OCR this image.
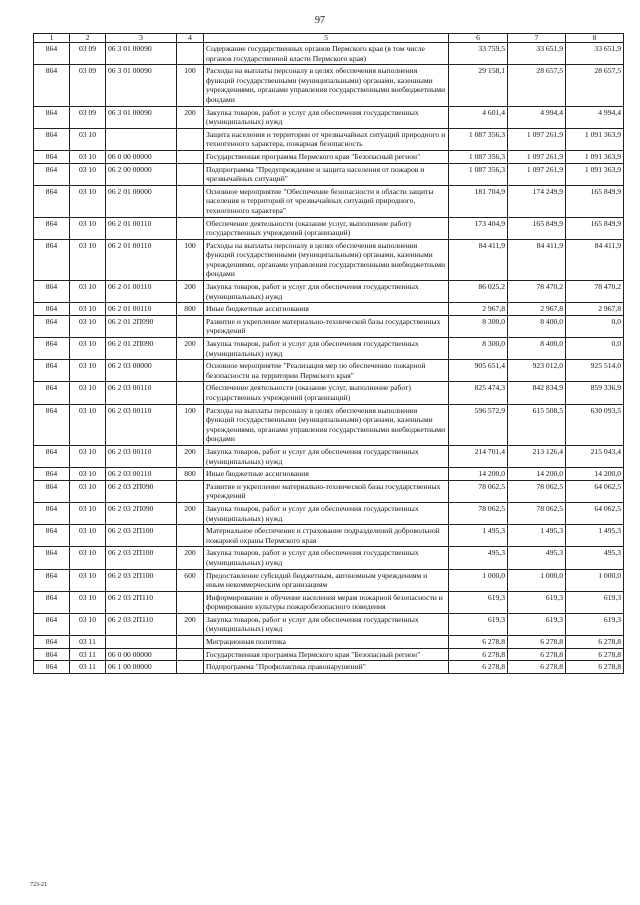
97
1	2	3	4	5	6	7	8
864	03 09	06 3 01 00090		Содержание государственных органов Пермского края (в том числе органов государственной власти Пермского края)	33 759,5	33 651,9	33 651,9
864	03 09	06 3 01 00090	100	Расходы на выплаты персоналу в целях обеспечения выполнения функций государственными (муниципальными) органами, казенными учреждениями, органами управления государственными внебюджетными фондами	29 158,1	28 657,5	28 657,5
864	03 09	06 3 01 00090	200	Закупка товаров, работ и услуг для обеспечения государственных (муниципальных) нужд	4 601,4	4 994,4	4 994,4
864	03 10			Защита населения и территории от чрезвычайных ситуаций природного и техногенного характера, пожарная безопасность	1 087 356,3	1 097 261,9	1 091 363,9
864	03 10	06 0 00 00000		Государственная программа Пермского края "Безопасный регион"	1 087 356,3	1 097 261,9	1 091 363,9
864	03 10	06 2 00 00000		Подпрограмма "Предупреждение и защита населения от пожаров и чрезвычайных ситуаций"	1 087 356,3	1 097 261,9	1 091 363,9
864	03 10	06 2 01 00000		Основное мероприятие "Обеспечение безопасности в области защиты населения и территорий от чрезвычайных ситуаций природного, техногенного характера"	181 704,9	174 249,9	165 849,9
864	03 10	06 2 01 00110		Обеспечение деятельности (оказание услуг, выполнение работ) государственных учреждений (организаций)	173 404,9	165 849,9	165 849,9
864	03 10	06 2 01 00110	100	Расходы на выплаты персоналу в целях обеспечения выполнения функций государственными (муниципальными) органами, казенными учреждениями, органами управления государственными внебюджетными фондами	84 411,9	84 411,9	84 411,9
864	03 10	06 2 01 00110	200	Закупка товаров, работ и услуг для обеспечения государственных (муниципальных) нужд	86 025,2	78 470,2	78 470,2
864	03 10	06 2 01 00110	800	Иные бюджетные ассигнования	2 967,8	2 967,8	2 967,8
864	03 10	06 2 01 2П090		Развитие и укрепление материально-технической базы государственных учреждений	8 300,0	8 400,0	0,0
864	03 10	06 2 01 2П090	200	Закупка товаров, работ и услуг для обеспечения государственных (муниципальных) нужд	8 300,0	8 400,0	0,0
864	03 10	06 2 03 00000		Основное мероприятие "Реализация мер по обеспечению пожарной безопасности на территории Пермского края"	905 651,4	923 012,0	925 514,0
864	03 10	06 2 03 00110		Обеспечение деятельности (оказание услуг, выполнение работ) государственных учреждений (организаций)	825 474,3	842 834,9	859 336,9
864	03 10	06 2 03 00110	100	Расходы на выплаты персоналу в целях обеспечения выполнения функций государственными (муниципальными) органами, казенными учреждениями, органами управления государственными внебюджетными фондами	596 572,9	615 508,5	630 093,5
864	03 10	06 2 03 00110	200	Закупка товаров, работ и услуг для обеспечения государственных (муниципальных) нужд	214 701,4	213 126,4	215 043,4
864	03 10	06 2 03 00110	800	Иные бюджетные ассигнования	14 200,0	14 200,0	14 200,0
864	03 10	06 2 03 2П090		Развитие и укрепление материально-технической базы государственных учреждений	78 062,5	78 062,5	64 062,5
864	03 10	06 2 03 2П090	200	Закупка товаров, работ и услуг для обеспечения государственных (муниципальных) нужд	78 062,5	78 062,5	64 062,5
864	03 10	06 2 03 2П100		Материальное обеспечение и страхование подразделений добровольной пожарной охраны Пермского края	1 495,3	1 495,3	1 495,3
864	03 10	06 2 03 2П100	200	Закупка товаров, работ и услуг для обеспечения государственных (муниципальных) нужд	495,3	495,3	495,3
864	03 10	06 2 03 2П100	600	Предоставление субсидий бюджетным, автономным учреждениям и иным некоммерческим организациям	1 000,0	1 000,0	1 000,0
864	03 10	06 2 03 2П110		Информирование и обучение населения мерам пожарной безопасности и формирование культуры пожаробезопасного поведения	619,3	619,3	619,3
864	03 10	06 2 03 2П110	200	Закупка товаров, работ и услуг для обеспечения государственных (муниципальных) нужд	619,3	619,3	619,3
864	03 11			Миграционная политика	6 278,8	6 278,8	6 278,8
864	03 11	06 0 00 00000		Государственная программа Пермского края "Безопасный регион"	6 278,8	6 278,8	6 278,8
864	03 11	06 1 00 00000		Подпрограмма "Профилактика правонарушений"	6 278,8	6 278,8	6 278,8
723-21
